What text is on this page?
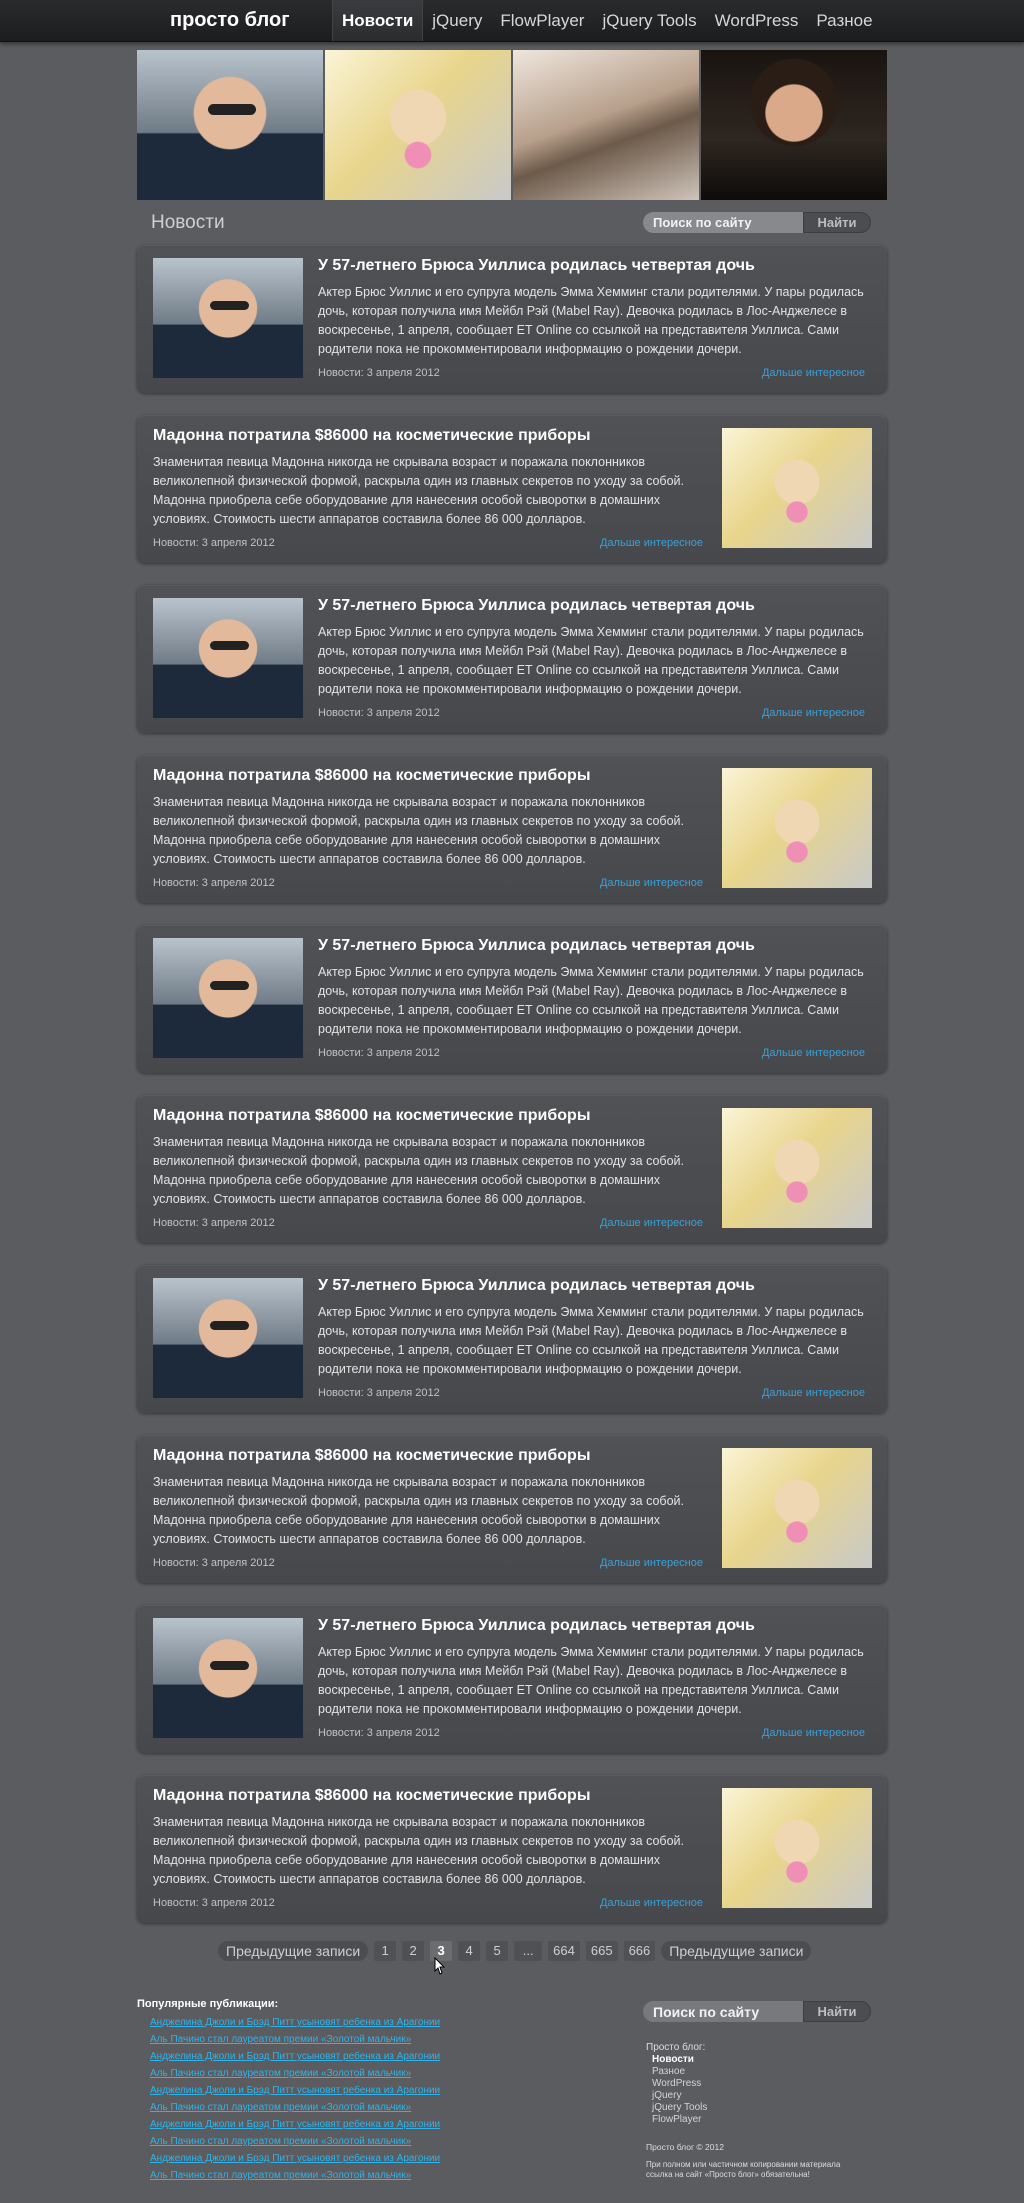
просто блог	Новости	jQuery	FlowPlayer	jQuery Tools	WordPress	Разное
Новости
Поиск по сайту	Найти
У 57-летнего Брюса Уиллиса родилась четвертая дочь
Актер Брюс Уиллис и его супруга модель Эмма Хемминг стали родителями. У пары родилась дочь, которая получила имя Мейбл Рэй (Mabel Ray). Девочка родилась в Лос-Анджелесе в воскресенье, 1 апреля, сообщает ET Online со ссылкой на представителя Уиллиса. Сами родители пока не прокомментировали информацию о рождении дочери.
Новости: 3 апреля 2012	Дальше интересное
Мадонна потратила $86000 на косметические приборы
Знаменитая певица Мадонна никогда не скрывала возраст и поражала поклонников великолепной физической формой, раскрыла один из главных секретов по уходу за собой. Мадонна приобрела себе оборудование для нанесения особой сыворотки в домашних условиях. Стоимость шести аппаратов составила более 86 000 долларов.
Новости: 3 апреля 2012	Дальше интересное
У 57-летнего Брюса Уиллиса родилась четвертая дочь
Актер Брюс Уиллис и его супруга модель Эмма Хемминг стали родителями. У пары родилась дочь, которая получила имя Мейбл Рэй (Mabel Ray). Девочка родилась в Лос-Анджелесе в воскресенье, 1 апреля, сообщает ET Online со ссылкой на представителя Уиллиса. Сами родители пока не прокомментировали информацию о рождении дочери.
Новости: 3 апреля 2012	Дальше интересное
Мадонна потратила $86000 на косметические приборы
Знаменитая певица Мадонна никогда не скрывала возраст и поражала поклонников великолепной физической формой, раскрыла один из главных секретов по уходу за собой. Мадонна приобрела себе оборудование для нанесения особой сыворотки в домашних условиях. Стоимость шести аппаратов составила более 86 000 долларов.
Новости: 3 апреля 2012	Дальше интересное
У 57-летнего Брюса Уиллиса родилась четвертая дочь
Актер Брюс Уиллис и его супруга модель Эмма Хемминг стали родителями. У пары родилась дочь, которая получила имя Мейбл Рэй (Mabel Ray). Девочка родилась в Лос-Анджелесе в воскресенье, 1 апреля, сообщает ET Online со ссылкой на представителя Уиллиса. Сами родители пока не прокомментировали информацию о рождении дочери.
Новости: 3 апреля 2012	Дальше интересное
Мадонна потратила $86000 на косметические приборы
Знаменитая певица Мадонна никогда не скрывала возраст и поражала поклонников великолепной физической формой, раскрыла один из главных секретов по уходу за собой. Мадонна приобрела себе оборудование для нанесения особой сыворотки в домашних условиях. Стоимость шести аппаратов составила более 86 000 долларов.
Новости: 3 апреля 2012	Дальше интересное
У 57-летнего Брюса Уиллиса родилась четвертая дочь
Актер Брюс Уиллис и его супруга модель Эмма Хемминг стали родителями. У пары родилась дочь, которая получила имя Мейбл Рэй (Mabel Ray). Девочка родилась в Лос-Анджелесе в воскресенье, 1 апреля, сообщает ET Online со ссылкой на представителя Уиллиса. Сами родители пока не прокомментировали информацию о рождении дочери.
Новости: 3 апреля 2012	Дальше интересное
Мадонна потратила $86000 на косметические приборы
Знаменитая певица Мадонна никогда не скрывала возраст и поражала поклонников великолепной физической формой, раскрыла один из главных секретов по уходу за собой. Мадонна приобрела себе оборудование для нанесения особой сыворотки в домашних условиях. Стоимость шести аппаратов составила более 86 000 долларов.
Новости: 3 апреля 2012	Дальше интересное
У 57-летнего Брюса Уиллиса родилась четвертая дочь
Актер Брюс Уиллис и его супруга модель Эмма Хемминг стали родителями. У пары родилась дочь, которая получила имя Мейбл Рэй (Mabel Ray). Девочка родилась в Лос-Анджелесе в воскресенье, 1 апреля, сообщает ET Online со ссылкой на представителя Уиллиса. Сами родители пока не прокомментировали информацию о рождении дочери.
Новости: 3 апреля 2012	Дальше интересное
Мадонна потратила $86000 на косметические приборы
Знаменитая певица Мадонна никогда не скрывала возраст и поражала поклонников великолепной физической формой, раскрыла один из главных секретов по уходу за собой. Мадонна приобрела себе оборудование для нанесения особой сыворотки в домашних условиях. Стоимость шести аппаратов составила более 86 000 долларов.
Новости: 3 апреля 2012	Дальше интересное
Предыдущие записи	1	2	3	4	5	...	664	665	666	Предыдущие записи
Популярные публикации:
Анджелина Джоли и Брэд Питт усыновят ребенка из Арагонии
Аль Пачино стал лауреатом премии «Золотой мальчик»
Анджелина Джоли и Брэд Питт усыновят ребенка из Арагонии
Аль Пачино стал лауреатом премии «Золотой мальчик»
Анджелина Джоли и Брэд Питт усыновят ребенка из Арагонии
Аль Пачино стал лауреатом премии «Золотой мальчик»
Анджелина Джоли и Брэд Питт усыновят ребенка из Арагонии
Аль Пачино стал лауреатом премии «Золотой мальчик»
Анджелина Джоли и Брэд Питт усыновят ребенка из Арагонии
Аль Пачино стал лауреатом премии «Золотой мальчик»
Поиск по сайту
Найти
Просто блог:
Новости
Разное
WordPress
jQuery
jQuery Tools
FlowPlayer
Просто блог © 2012
При полном или частичном копировании материала ссылка на сайт «Просто блог» обязательна!
